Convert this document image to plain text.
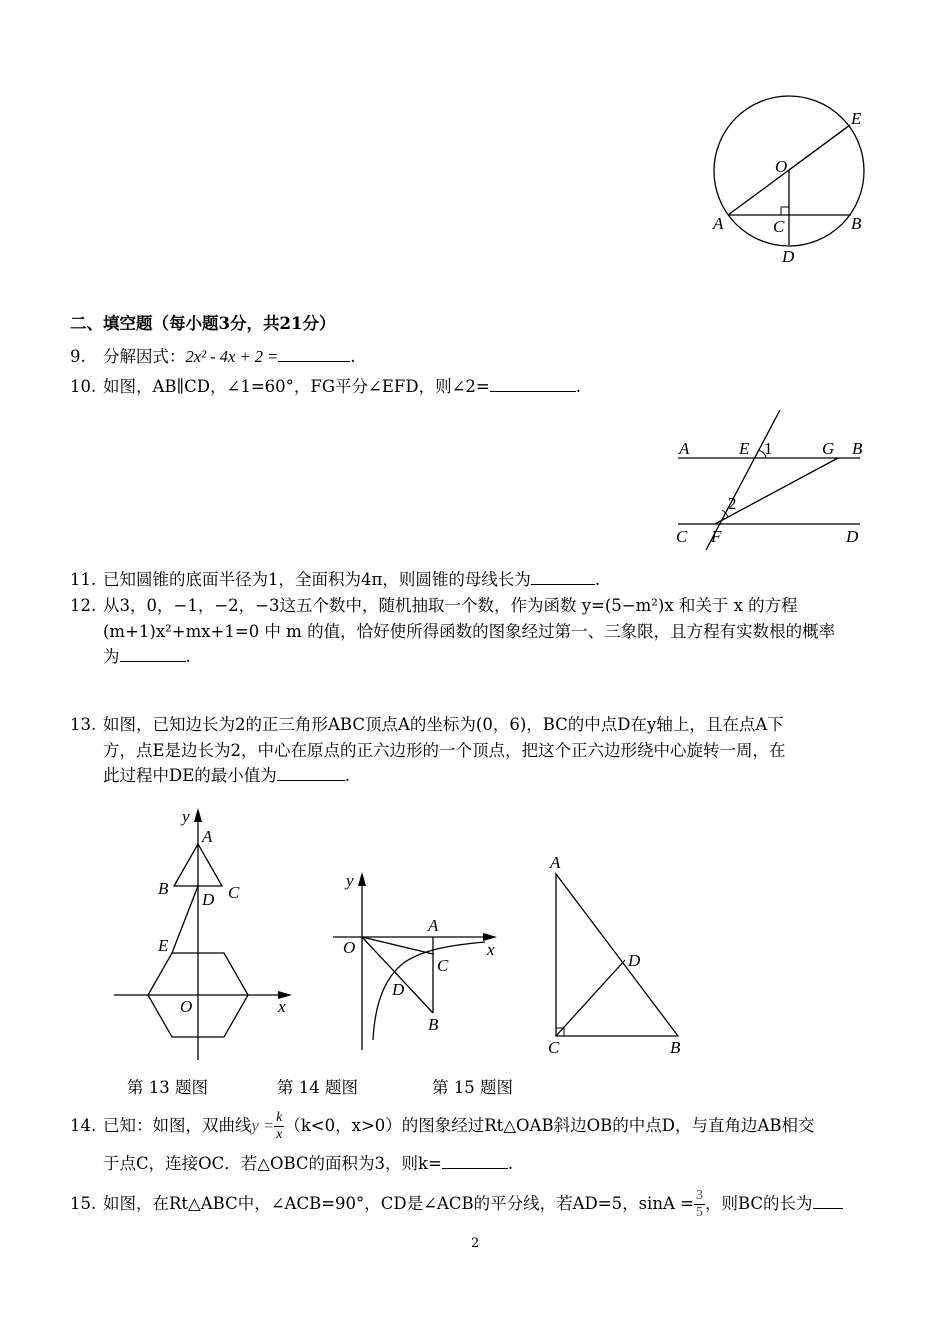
E
O
A	C	B
D
二、填空题（每小题3分，共21分）
9. 分解因式：2x² - 4x + 2 =	.
10. 如图，AB∥CD，∠1=60°，FG平分∠EFD，则∠2=	.
A	E 1	G B
2
C F	D
11. 已知圆锥的底面半径为1，全面积为4π，则圆锥的母线长为	.
12. 从3，0，−1，−2，−3这五个数中，随机抽取一个数，作为函数 y=(5−m²)x 和关于 x 的方程
(m+1)x²+mx+1=0 中 m 的值，恰好使所得函数的图象经过第一、三象限，且方程有实数根的概率
为	.
13. 如图，已知边长为2的正三角形ABC顶点A的坐标为(0，6)，BC的中点D在y轴上，且在点A下
方，点E是边长为2，中心在原点的正六边形的一个顶点，把这个正六边形绕中心旋转一周，在
此过程中DE的最小值为	.
y
A
B
D C
E
O	x
第 13 题图
y
O
A
x
C
D
B
第 14 题图
A
D
C	B
第 15 题图
14. 已知：如图，双曲线$y = \frac{k}{x} (k<0$，x>0）的图象经过Rt△OAB斜边OB的中点D，与直角边AB相交
于点C，连接OC．若△OBC的面积为3，则k=	.
15. 如图，在Rt△ABC中，∠ACB=90°，CD是∠ACB的平分线，若AD=5，$\sin A = \frac{3}{5}$ ，则BC的长为
2
